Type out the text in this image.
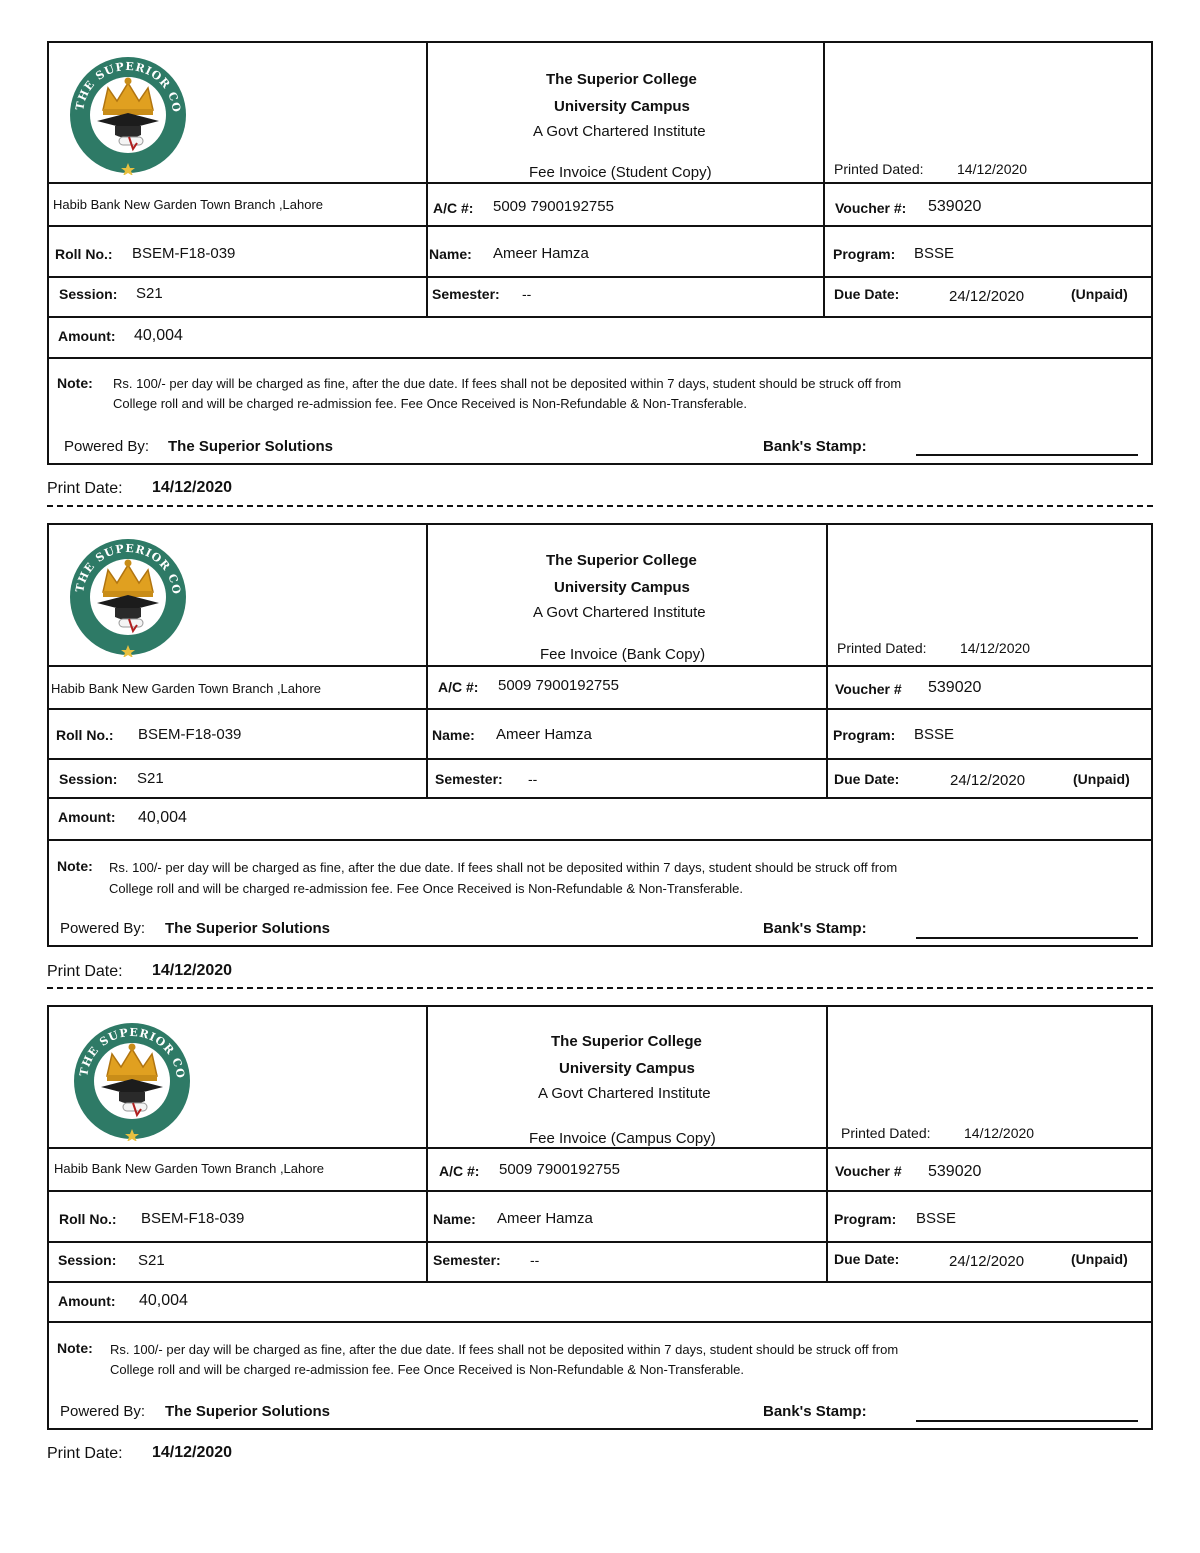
The Superior College
University Campus
A Govt Chartered Institute
Fee Invoice (Student Copy)	Printed Dated: 14/12/2020
Habib Bank New Garden Town Branch ,Lahore	A/C #: 5009 7900192755	Voucher #: 539020
Roll No.: BSEM-F18-039	Name: Ameer Hamza	Program: BSSE
Session: S21	Semester: --	Due Date:	24/12/2020	(Unpaid)
Amount: 40,004
Note: Rs. 100/- per day will be charged as fine, after the due date. If fees shall not be deposited within 7 days, student should be struck off from
College roll and will be charged re-admission fee. Fee Once Received is Non-Refundable & Non-Transferable.
Powered By: The Superior Solutions	Bank's Stamp:
Print Date: 14/12/2020
The Superior College
University Campus
A Govt Chartered Institute
Fee Invoice (Bank Copy)	Printed Dated: 14/12/2020
Habib Bank New Garden Town Branch ,Lahore	A/C #: 5009 7900192755	Voucher # 539020
Roll No.: BSEM-F18-039	Name: Ameer Hamza	Program: BSSE
Session: S21	Semester: --	Due Date:	24/12/2020	(Unpaid)
Amount: 40,004
Note: Rs. 100/- per day will be charged as fine, after the due date. If fees shall not be deposited within 7 days, student should be struck off from
College roll and will be charged re-admission fee. Fee Once Received is Non-Refundable & Non-Transferable.
Powered By: The Superior Solutions	Bank's Stamp:
Print Date: 14/12/2020
The Superior College
University Campus
A Govt Chartered Institute
Fee Invoice (Campus Copy)	Printed Dated: 14/12/2020
Habib Bank New Garden Town Branch ,Lahore	A/C #: 5009 7900192755	Voucher # 539020
Roll No.: BSEM-F18-039	Name: Ameer Hamza	Program: BSSE
Session: S21	Semester: --	Due Date:	24/12/2020	(Unpaid)
Amount: 40,004
Note: Rs. 100/- per day will be charged as fine, after the due date. If fees shall not be deposited within 7 days, student should be struck off from
College roll and will be charged re-admission fee. Fee Once Received is Non-Refundable & Non-Transferable.
Powered By: The Superior Solutions	Bank's Stamp:
Print Date: 14/12/2020
